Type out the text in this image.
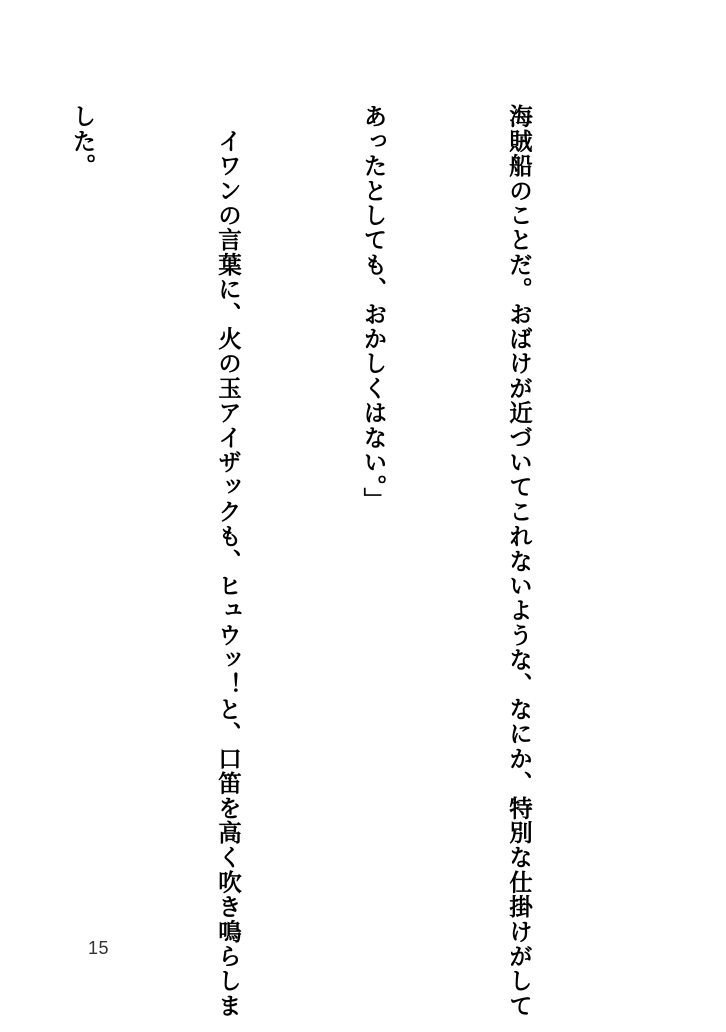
海賊船のことだ。おばけが近づいてこれないような、なにか、特別な仕掛けがして

あったとしても、おかしくはない。」

　イワンの言葉に、火の玉アイザックも、ヒュウッ！と、口笛を高く吹き鳴らしま

した。

15
